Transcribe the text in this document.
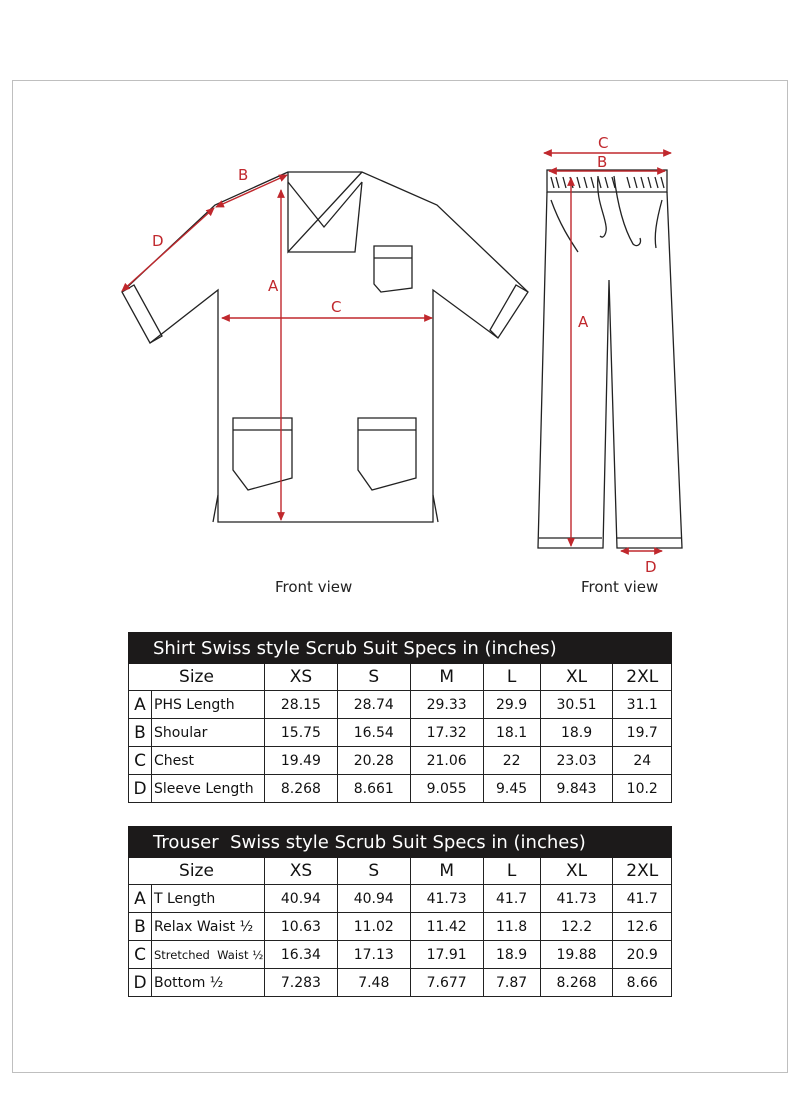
A
B
C
D
C
B
A
D
Front view	Front view
Shirt Swiss style Scrub Suit Specs in (inches)							
Size		XS	S	M	L	XL	2XL
A	PHS Length	28.15	28.74	29.33	29.9	30.51	31.1
B	Shoular	15.75	16.54	17.32	18.1	18.9	19.7
C	Chest	19.49	20.28	21.06	22	23.03	24
D	Sleeve Length	8.268	8.661	9.055	9.45	9.843	10.2
Trouser  Swiss style Scrub Suit Specs in (inches)							
Size		XS	S	M	L	XL	2XL
A	T Length	40.94	40.94	41.73	41.7	41.73	41.7
B	Relax Waist ½	10.63	11.02	11.42	11.8	12.2	12.6
C	Stretched  Waist ½	16.34	17.13	17.91	18.9	19.88	20.9
D	Bottom ½	7.283	7.48	7.677	7.87	8.268	8.66
